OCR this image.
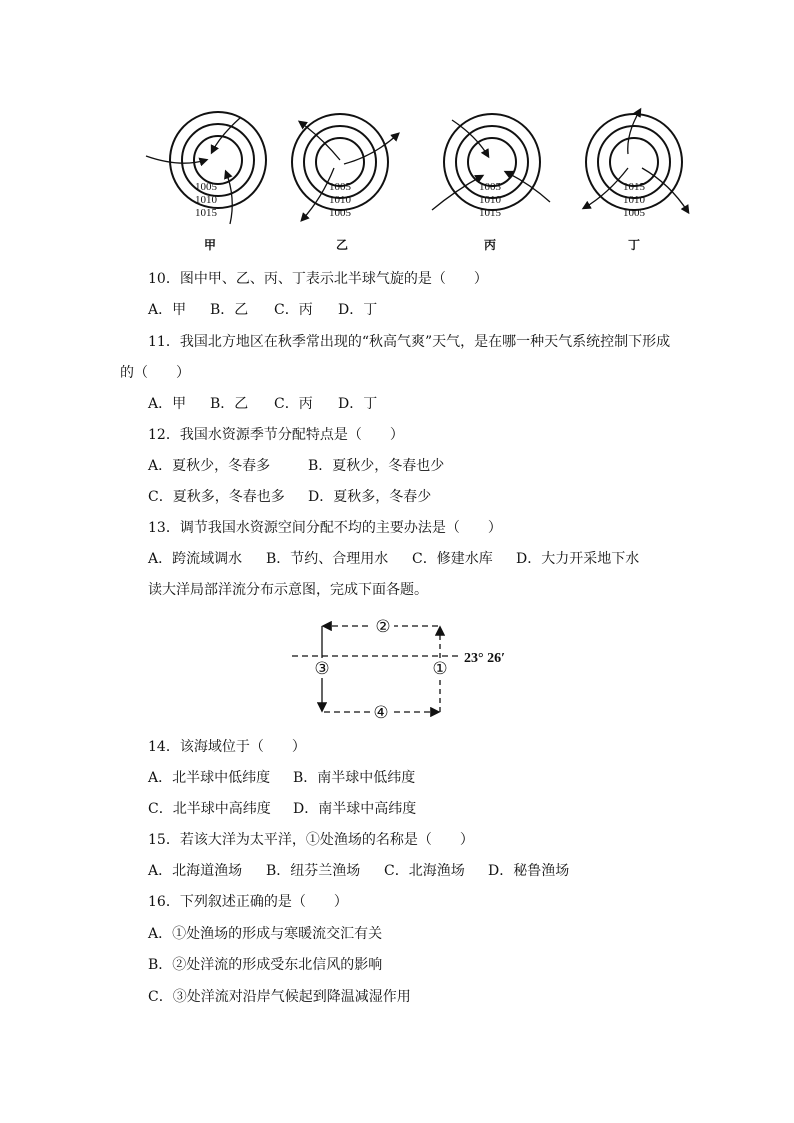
1005
1010
1015
甲
1005
1010
1005
乙
1005
1010
1015
丙
1015
1010
1005
丁
10．图中甲、乙、丙、丁表示北半球气旋的是（　　）
A．甲 B．乙 C．丙 D．丁
11．我国北方地区在秋季常出现的“秋高气爽”天气，是在哪一种天气系统控制下形成
的（　　）
A．甲 B．乙 C．丙 D．丁
12．我国水资源季节分配特点是（　　）
A．夏秋少，冬春多	B．夏秋少，冬春也少
C．夏秋多，冬春也多 D．夏秋多，冬春少
13．调节我国水资源空间分配不均的主要办法是（　　）
A．跨流域调水 B．节约、合理用水 C．修建水库 D．大力开采地下水
读大洋局部洋流分布示意图，完成下面各题。
②
③	①
④
23° 26′
14．该海域位于（　　）
A．北半球中低纬度 B．南半球中低纬度
C．北半球中高纬度 D．南半球中高纬度
15．若该大洋为太平洋，①处渔场的名称是（　　）
A．北海道渔场 B．纽芬兰渔场 C．北海渔场 D．秘鲁渔场
16．下列叙述正确的是（　　）
A．①处渔场的形成与寒暖流交汇有关
B．②处洋流的形成受东北信风的影响
C．③处洋流对沿岸气候起到降温减湿作用
